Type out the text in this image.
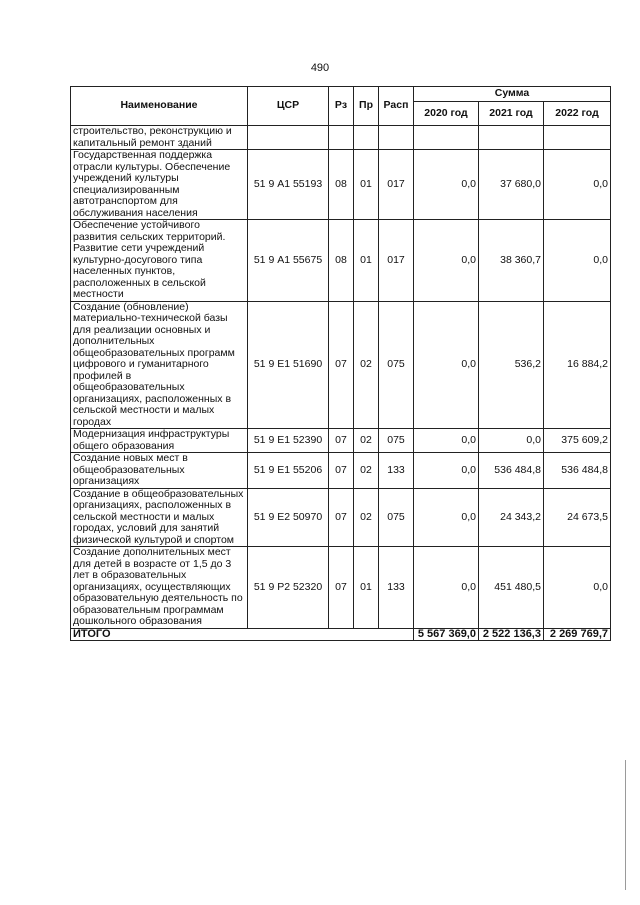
490
Наименование	ЦСР	Рз	Пр	Расп	Сумма		
					2020 год	2021 год	2022 год
строительство, реконструкцию и капитальный ремонт зданий							
Государственная поддержка отрасли культуры. Обеспечение учреждений культуры специализированным автотранспортом для обслуживания населения	51 9 А1 55193	08	01	017	0,0	37 680,0	0,0
Обеспечение устойчивого развития сельских территорий. Развитие сети учреждений культурно-досугового типа населенных пунктов, расположенных в сельской местности	51 9 А1 55675	08	01	017	0,0	38 360,7	0,0
Создание (обновление) материально-технической базы для реализации основных и дополнительных общеобразовательных программ цифрового и гуманитарного профилей в общеобразовательных организациях, расположенных в сельской местности и малых городах	51 9 Е1 51690	07	02	075	0,0	536,2	16 884,2
Модернизация инфраструктуры общего образования	51 9 Е1 52390	07	02	075	0,0	0,0	375 609,2
Создание новых мест в общеобразовательных организациях	51 9 Е1 55206	07	02	133	0,0	536 484,8	536 484,8
Создание в общеобразовательных организациях, расположенных в сельской местности и малых городах, условий для занятий физической культурой и спортом	51 9 Е2 50970	07	02	075	0,0	24 343,2	24 673,5
Создание дополнительных мест для детей в возрасте от 1,5 до 3 лет в образовательных организациях, осуществляющих образовательную деятельность по образовательным программам дошкольного образования	51 9 Р2 52320	07	01	133	0,0	451 480,5	0,0
ИТОГО					5 567 369,0	2 522 136,3	2 269 769,7
